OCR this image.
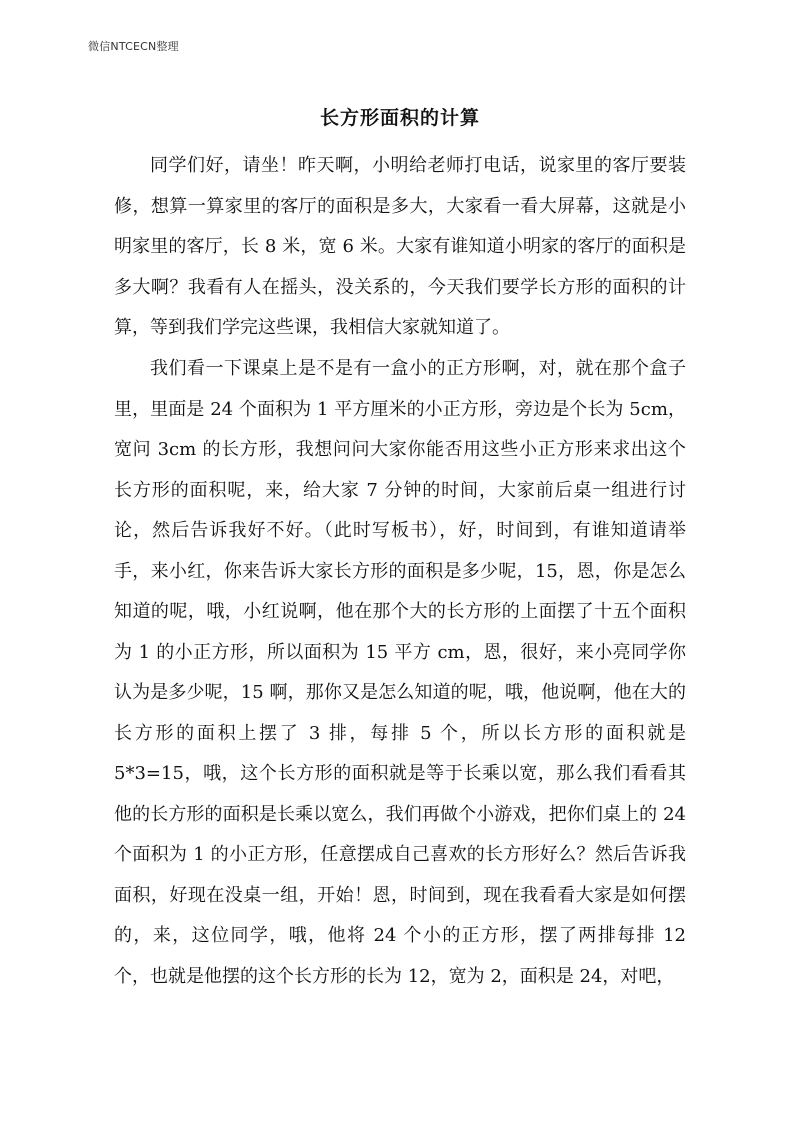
微信NTCECN整理
长方形面积的计算

同学们好，请坐！昨天啊，小明给老师打电话，说家里的客厅要装修，想算一算家里的客厅的面积是多大，大家看一看大屏幕，这就是小明家里的客厅，长 8 米，宽 6 米。大家有谁知道小明家的客厅的面积是多大啊？我看有人在摇头，没关系的，今天我们要学长方形的面积的计算，等到我们学完这些课，我相信大家就知道了。

我们看一下课桌上是不是有一盒小的正方形啊，对，就在那个盒子里，里面是 24 个面积为 1 平方厘米的小正方形，旁边是个长为 5cm，宽问 3cm 的长方形，我想问问大家你能否用这些小正方形来求出这个长方形的面积呢，来，给大家 7 分钟的时间，大家前后桌一组进行讨论，然后告诉我好不好。（此时写板书），好，时间到，有谁知道请举手，来小红，你来告诉大家长方形的面积是多少呢，15，恩，你是怎么知道的呢，哦，小红说啊，他在那个大的长方形的上面摆了十五个面积为 1 的小正方形，所以面积为 15 平方 cm，恩，很好，来小亮同学你认为是多少呢，15 啊，那你又是怎么知道的呢，哦，他说啊，他在大的长方形的面积上摆了 3 排，每排 5 个，所以长方形的面积就是 5*3=15，哦，这个长方形的面积就是等于长乘以宽，那么我们看看其他的长方形的面积是长乘以宽么，我们再做个小游戏，把你们桌上的 24 个面积为 1 的小正方形，任意摆成自己喜欢的长方形好么？然后告诉我面积，好现在没桌一组，开始！恩，时间到，现在我看看大家是如何摆的，来，这位同学，哦，他将 24 个小的正方形，摆了两排每排 12 个，也就是他摆的这个长方形的长为 12，宽为 2，面积是 24，对吧，
